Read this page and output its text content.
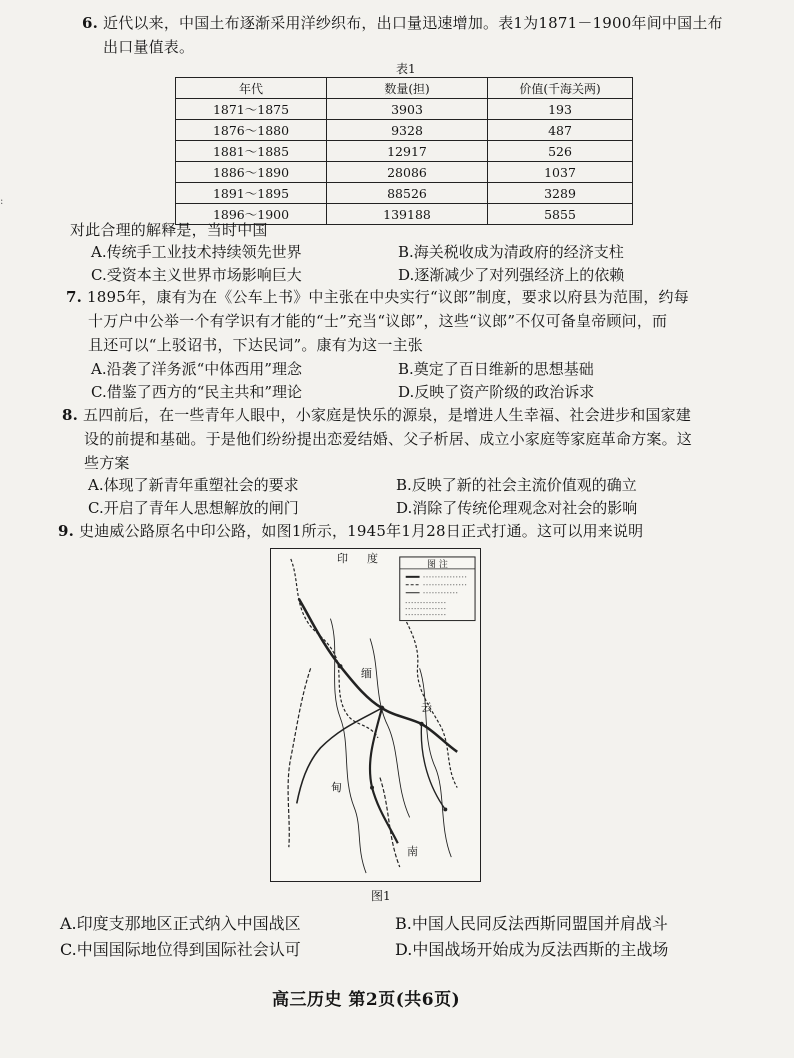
:
6. 近代以来，中国土布逐渐采用洋纱织布，出口量迅速增加。表1为1871－1900年间中国土布
出口量值表。
表1
年代	数量(担)	价值(千海关两)
1871～1875	3903	193
1876～1880	9328	487
1881～1885	12917	526
1886～1890	28086	1037
1891～1895	88526	3289
1896～1900	139188	5855
对此合理的解释是，当时中国
A.传统手工业技术持续领先世界	B.海关税收成为清政府的经济支柱
C.受资本主义世界市场影响巨大	D.逐渐减少了对列强经济上的依赖
7. 1895年，康有为在《公车上书》中主张在中央实行“议郎”制度，要求以府县为范围，约每
十万户中公举一个有学识有才能的“士”充当“议郎”，这些“议郎”不仅可备皇帝顾问，而
且还可以“上驳诏书，下达民词”。康有为这一主张
A.沿袭了洋务派“中体西用”理念	B.奠定了百日维新的思想基础
C.借鉴了西方的“民主共和”理论	D.反映了资产阶级的政治诉求
8. 五四前后，在一些青年人眼中，小家庭是快乐的源泉，是增进人生幸福、社会进步和国家建
设的前提和基础。于是他们纷纷提出恋爱结婚、父子析居、成立小家庭等家庭革命方案。这
些方案
A.体现了新青年重塑社会的要求	B.反映了新的社会主流价值观的确立
C.开启了青年人思想解放的闸门	D.消除了传统伦理观念对社会的影响
9. 史迪威公路原名中印公路，如图1所示，1945年1月28日正式打通。这可以用来说明
印 度	图 注
缅
甸
云
南
图1
A.印度支那地区正式纳入中国战区	B.中国人民同反法西斯同盟国并肩战斗
C.中国国际地位得到国际社会认可	D.中国战场开始成为反法西斯的主战场
高三历史 第2页(共6页)
